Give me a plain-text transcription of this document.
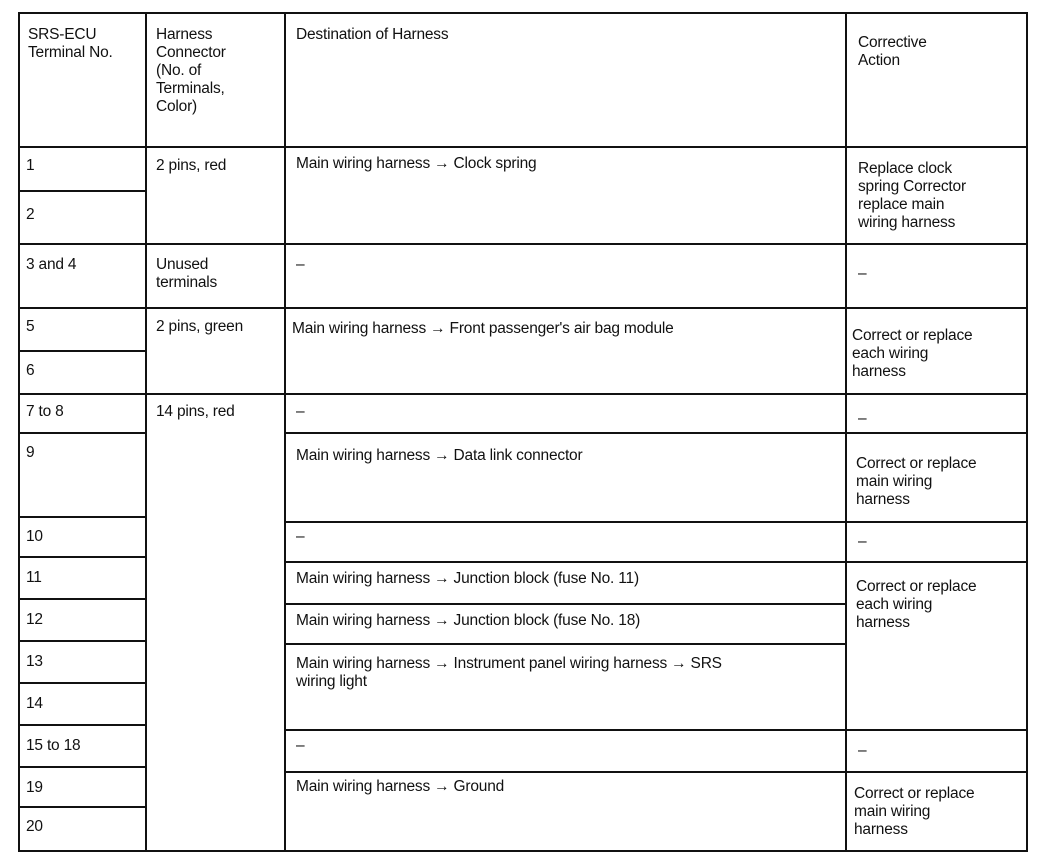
SRS-ECU
Terminal No.
Harness
Connector
(No. of
Terminals,
Color)
Destination of Harness	Corrective
Action
1
2
3 and 4
5
6
7 to 8
9
10
11
12
13
14
15 to 18
19
20
2 pins, red
Unused
terminals
2 pins, green
14 pins, red
Main wiring harness → Clock spring
–
Main wiring harness → Front passenger's air bag module
–
Main wiring harness → Data link connector
–
Main wiring harness → Junction block (fuse No. 11)
Main wiring harness → Junction block (fuse No. 18)
Main wiring harness → Instrument panel wiring harness → SRS
wiring light
–
Main wiring harness → Ground
Replace clock
spring Corrector
replace main
wiring harness
–
Correct or replace
each wiring
harness
–
Correct or replace
main wiring
harness
–
Correct or replace
each wiring
harness
–
Correct or replace
main wiring
harness
